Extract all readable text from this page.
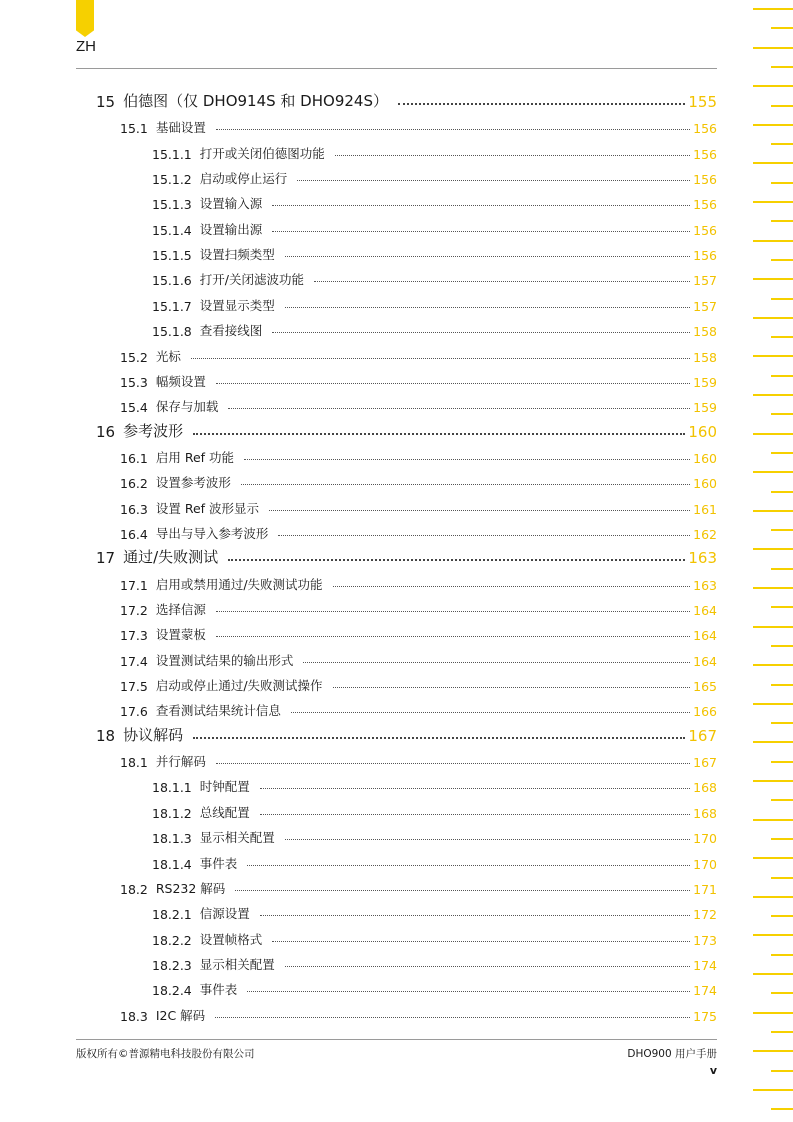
ZH
15 伯德图（仅 DHO914S 和 DHO924S）	155
15.1 基础设置	156
15.1.1 打开或关闭伯德图功能	156
15.1.2 启动或停止运行	156
15.1.3 设置输入源	156
15.1.4 设置输出源	156
15.1.5 设置扫频类型	156
15.1.6 打开/关闭滤波功能	157
15.1.7 设置显示类型	157
15.1.8 查看接线图	158
15.2 光标	158
15.3 幅频设置	159
15.4 保存与加载	159
16 参考波形	160
16.1 启用 Ref 功能	160
16.2 设置参考波形	160
16.3 设置 Ref 波形显示	161
16.4 导出与导入参考波形	162
17 通过/失败测试	163
17.1 启用或禁用通过/失败测试功能	163
17.2 选择信源	164
17.3 设置蒙板	164
17.4 设置测试结果的输出形式	164
17.5 启动或停止通过/失败测试操作	165
17.6 查看测试结果统计信息	166
18 协议解码	167
18.1 并行解码	167
18.1.1 时钟配置	168
18.1.2 总线配置	168
18.1.3 显示相关配置	170
18.1.4 事件表	170
18.2 RS232 解码	171
18.2.1 信源设置	172
18.2.2 设置帧格式	173
18.2.3 显示相关配置	174
18.2.4 事件表	174
18.3 I2C 解码	175
版权所有©普源精电科技股份有限公司	DHO900 用户手册
v
